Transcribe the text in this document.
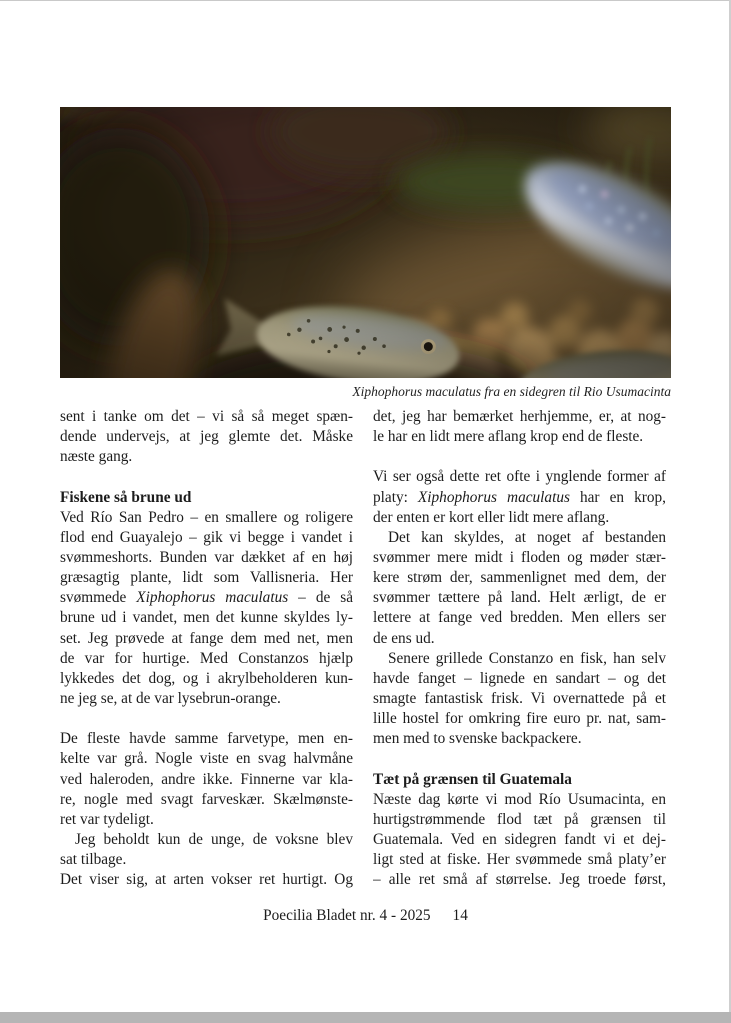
Xiphophorus maculatus fra en sidegren til Rio Usumacinta
sent i tanke om det – vi så så meget spæn-
dende undervejs, at jeg glemte det. Måske
næste gang.
Fiskene så brune ud
Ved Río San Pedro – en smallere og roligere
flod end Guayalejo – gik vi begge i vandet i
svømmeshorts. Bunden var dækket af en høj
græsagtig plante, lidt som Vallisneria. Her
svømmede Xiphophorus maculatus – de så
brune ud i vandet, men det kunne skyldes ly-
set. Jeg prøvede at fange dem med net, men
de var for hurtige. Med Constanzos hjælp
lykkedes det dog, og i akrylbeholderen kun-
ne jeg se, at de var lysebrun-orange.
De fleste havde samme farvetype, men en-
kelte var grå. Nogle viste en svag halvmåne
ved haleroden, andre ikke. Finnerne var kla-
re, nogle med svagt farveskær. Skælmønste-
ret var tydeligt.
Jeg beholdt kun de unge, de voksne blev
sat tilbage.
Det viser sig, at arten vokser ret hurtigt. Og
det, jeg har bemærket herhjemme, er, at nog-
le har en lidt mere aflang krop end de fleste.
Vi ser også dette ret ofte i ynglende former af
platy: Xiphophorus maculatus har en krop,
der enten er kort eller lidt mere aflang.
Det kan skyldes, at noget af bestanden
svømmer mere midt i floden og møder stær-
kere strøm der, sammenlignet med dem, der
svømmer tættere på land. Helt ærligt, de er
lettere at fange ved bredden. Men ellers ser
de ens ud.
Senere grillede Constanzo en fisk, han selv
havde fanget – lignede en sandart – og det
smagte fantastisk frisk. Vi overnattede på et
lille hostel for omkring fire euro pr. nat, sam-
men med to svenske backpackere.
Tæt på grænsen til Guatemala
Næste dag kørte vi mod Río Usumacinta, en
hurtigstrømmende flod tæt på grænsen til
Guatemala. Ved en sidegren fandt vi et dej-
ligt sted at fiske. Her svømmede små platy’er
– alle ret små af størrelse. Jeg troede først,
Poecilia Bladet nr. 4 - 2025 14
